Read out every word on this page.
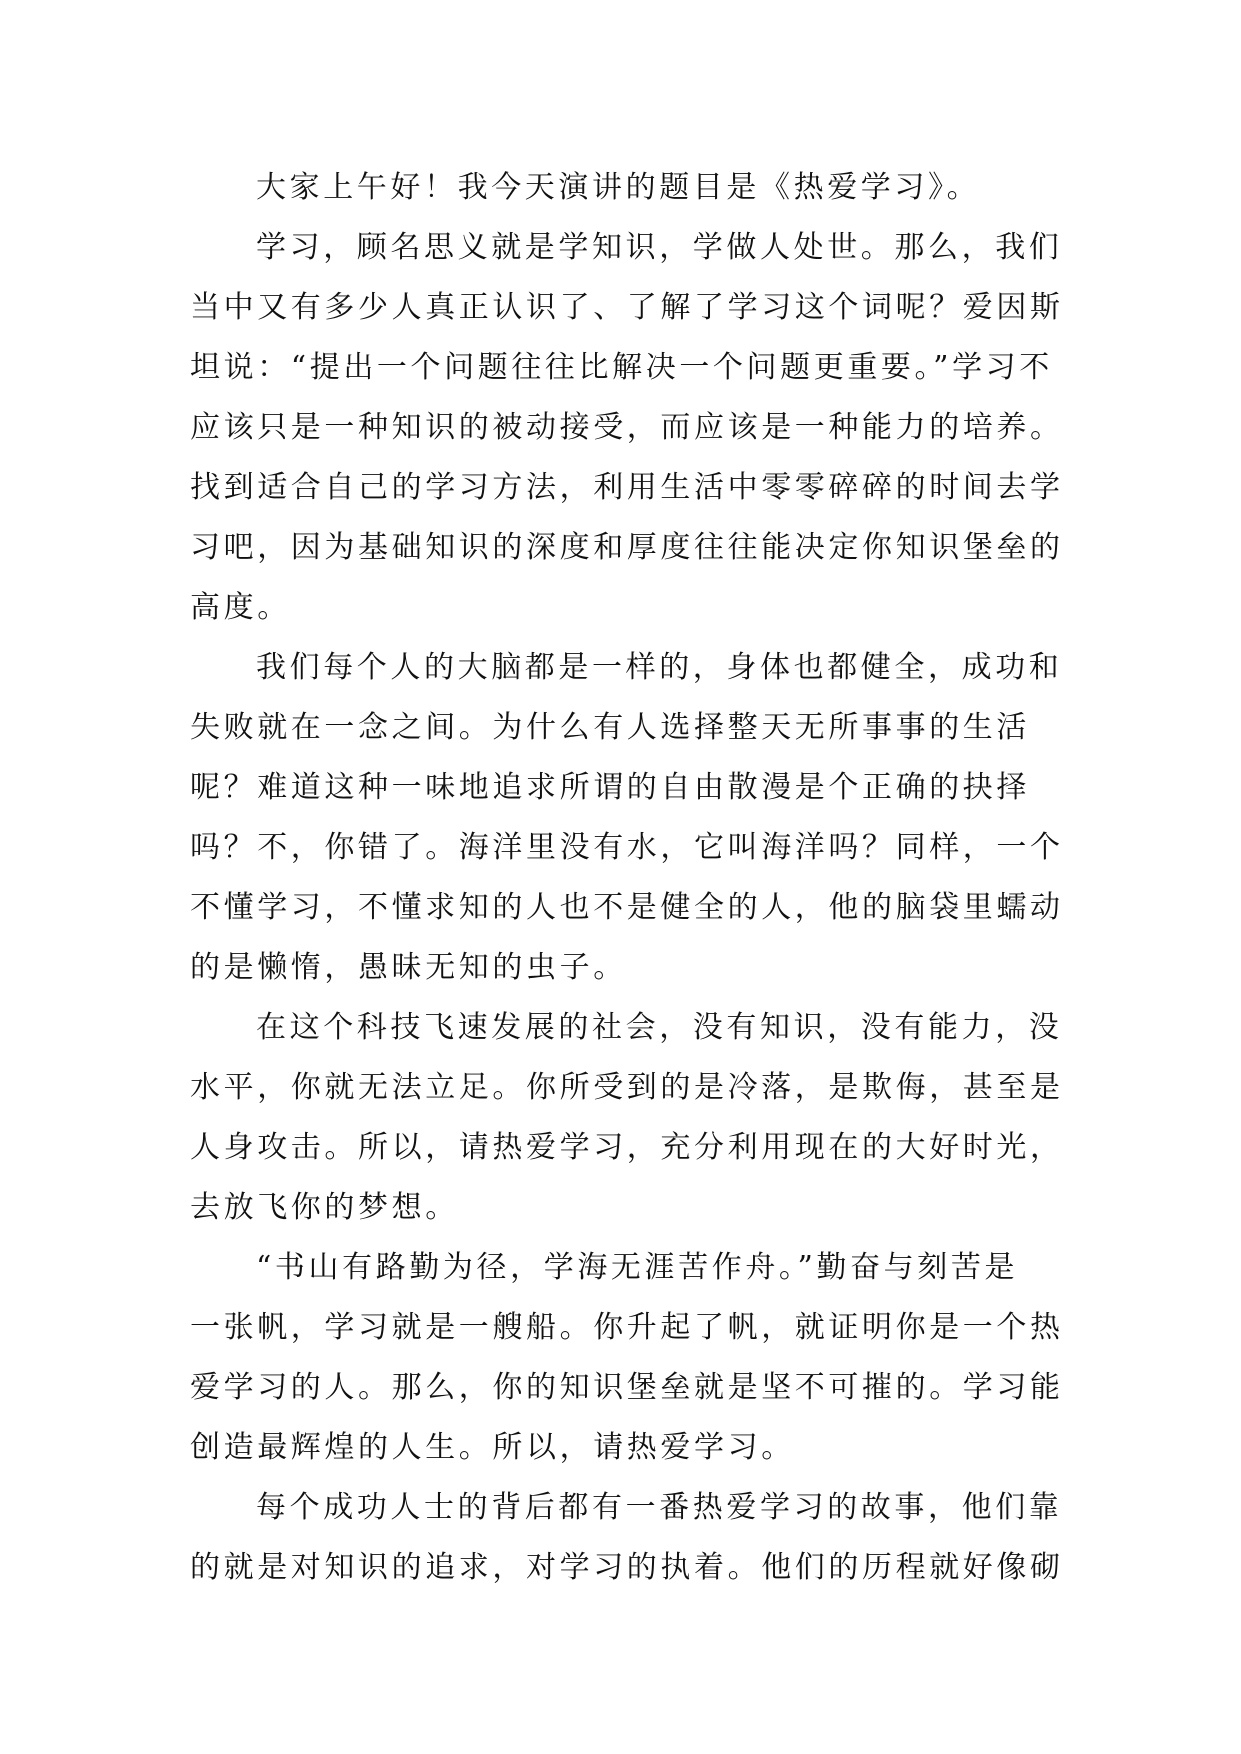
大家上午好！我今天演讲的题目是《热爱学习》。
学习，顾名思义就是学知识，学做人处世。那么，我们
当中又有多少人真正认识了、了解了学习这个词呢？爱因斯
坦说：“提出一个问题往往比解决一个问题更重要。”学习不
应该只是一种知识的被动接受，而应该是一种能力的培养。
找到适合自己的学习方法，利用生活中零零碎碎的时间去学
习吧，因为基础知识的深度和厚度往往能决定你知识堡垒的
高度。
我们每个人的大脑都是一样的，身体也都健全，成功和
失败就在一念之间。为什么有人选择整天无所事事的生活
呢？难道这种一味地追求所谓的自由散漫是个正确的抉择
吗？不，你错了。海洋里没有水，它叫海洋吗？同样，一个
不懂学习，不懂求知的人也不是健全的人，他的脑袋里蠕动
的是懒惰，愚昧无知的虫子。
在这个科技飞速发展的社会，没有知识，没有能力，没
水平，你就无法立足。你所受到的是冷落，是欺侮，甚至是
人身攻击。所以，请热爱学习，充分利用现在的大好时光，
去放飞你的梦想。
“书山有路勤为径，学海无涯苦作舟。”勤奋与刻苦是
一张帆，学习就是一艘船。你升起了帆，就证明你是一个热
爱学习的人。那么，你的知识堡垒就是坚不可摧的。学习能
创造最辉煌的人生。所以，请热爱学习。
每个成功人士的背后都有一番热爱学习的故事，他们靠
的就是对知识的追求，对学习的执着。他们的历程就好像砌
